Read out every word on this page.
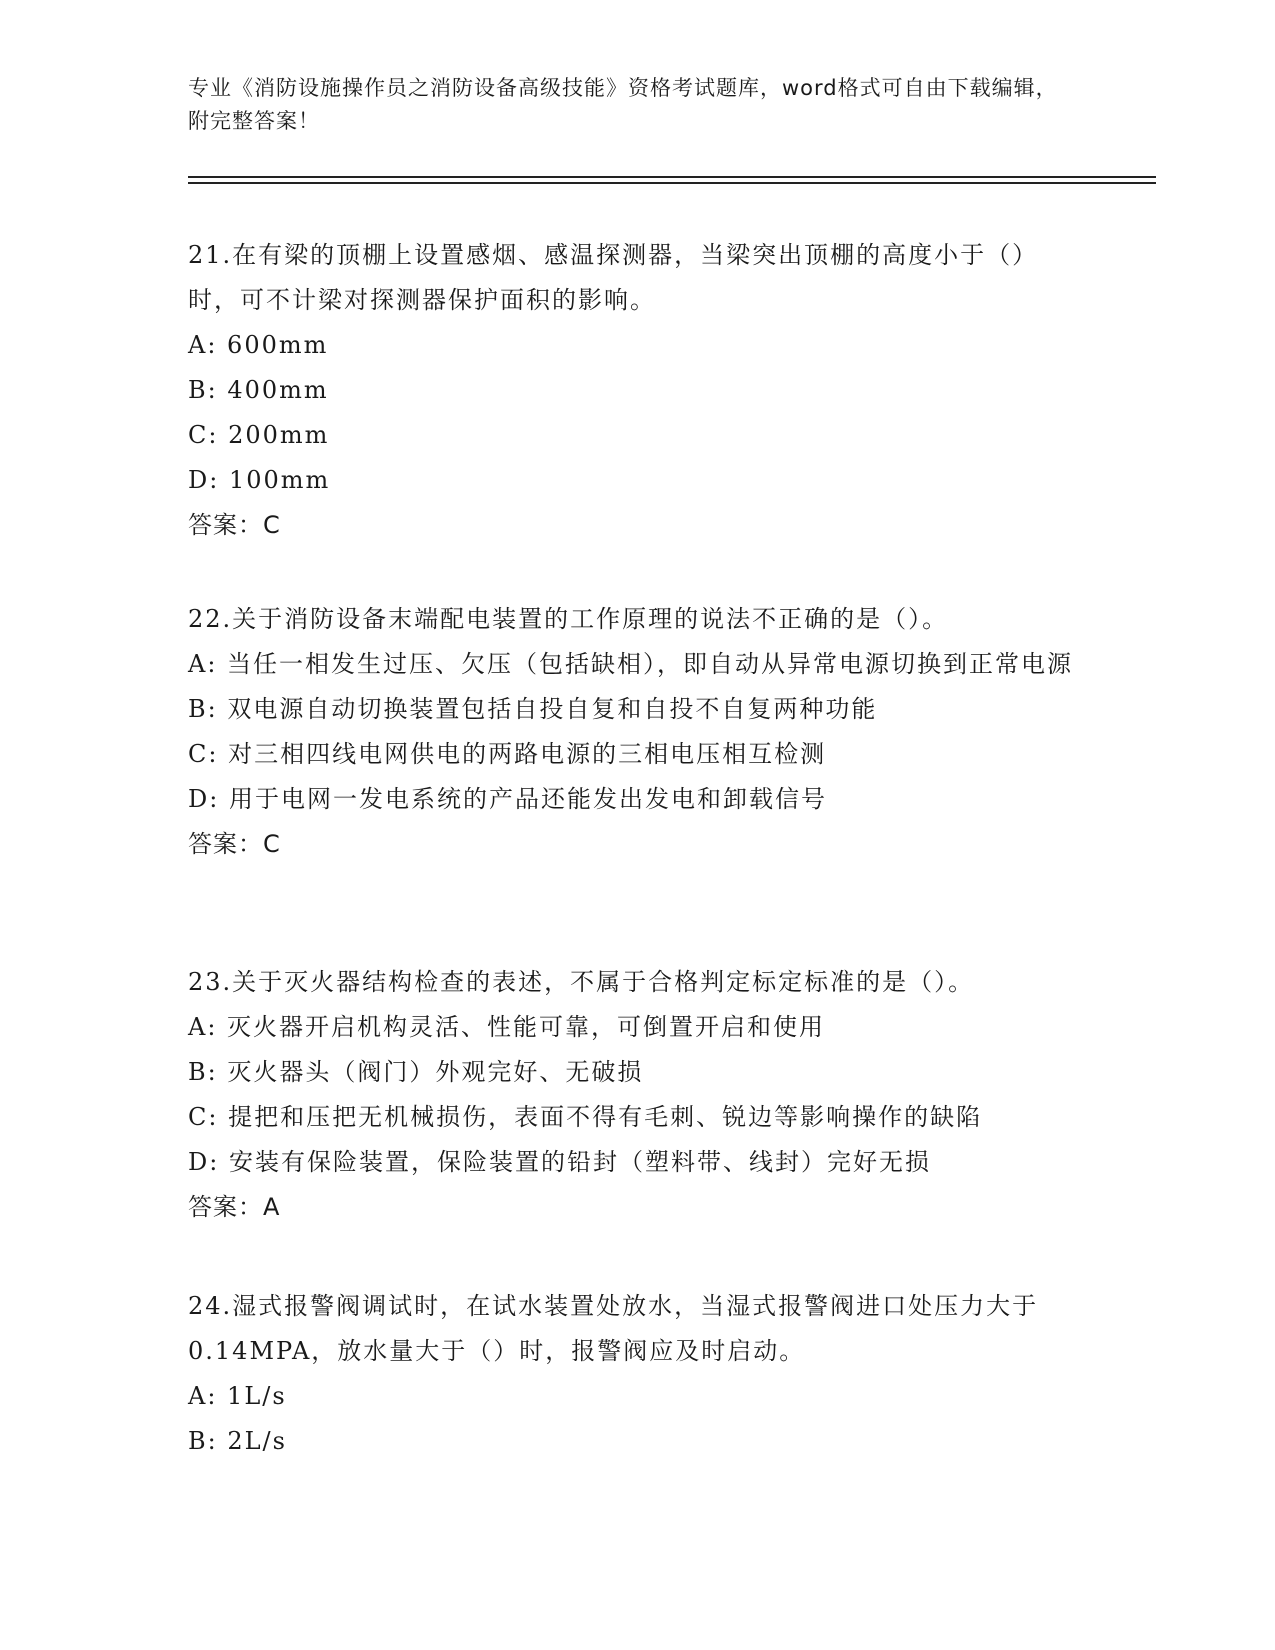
专业《消防设施操作员之消防设备高级技能》资格考试题库，word格式可自由下载编辑，附完整答案！
21.在有梁的顶棚上设置感烟、感温探测器，当梁突出顶棚的高度小于（）时，可不计梁对探测器保护面积的影响。
A: 600mm
B: 400mm
C: 200mm
D: 100mm
答案：C
22.关于消防设备末端配电装置的工作原理的说法不正确的是（）。
A: 当任一相发生过压、欠压（包括缺相），即自动从异常电源切换到正常电源
B: 双电源自动切换装置包括自投自复和自投不自复两种功能
C: 对三相四线电网供电的两路电源的三相电压相互检测
D: 用于电网一发电系统的产品还能发出发电和卸载信号
答案：C
23.关于灭火器结构检查的表述，不属于合格判定标定标准的是（）。
A: 灭火器开启机构灵活、性能可靠，可倒置开启和使用
B: 灭火器头（阀门）外观完好、无破损
C: 提把和压把无机械损伤，表面不得有毛刺、锐边等影响操作的缺陷
D: 安装有保险装置，保险装置的铅封（塑料带、线封）完好无损
答案：A
24.湿式报警阀调试时，在试水装置处放水，当湿式报警阀进口处压力大于0.14MPA，放水量大于（）时，报警阀应及时启动。
A: 1L/s
B: 2L/s
